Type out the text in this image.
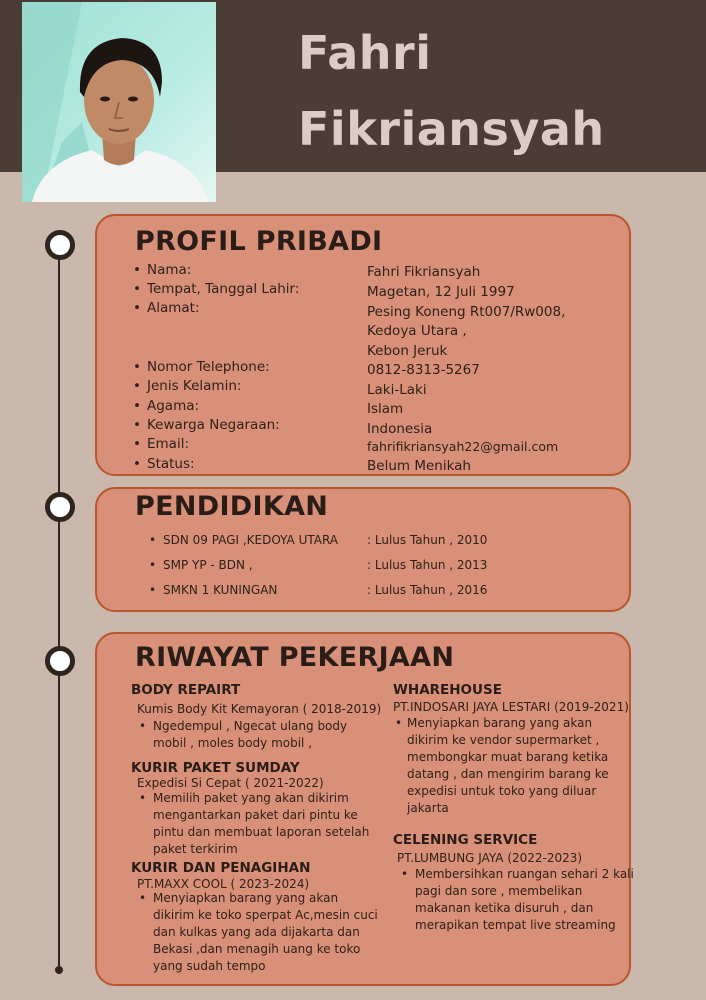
Fahri
Fikriansyah
PROFIL PRIBADI
• Nama:	Fahri Fikriansyah
• Tempat, Tanggal Lahir:	Magetan, 12 Juli 1997
• Alamat:	Pesing Koneng Rt007/Rw008,
Kedoya Utara ,
Kebon Jeruk
• Nomor Telephone:	0812-8313-5267
• Jenis Kelamin:	Laki-Laki
• Agama:	Islam
• Kewarga Negaraan:	Indonesia
• Email:	fahrifikriansyah22@gmail.com
• Status:	Belum Menikah
PENDIDIKAN
• SDN 09 PAGI ,KEDOYA UTARA : Lulus Tahun , 2010
• SMP YP - BDN ,	: Lulus Tahun , 2013
• SMKN 1 KUNINGAN	: Lulus Tahun , 2016
RIWAYAT PEKERJAAN
BODY REPAIRT
Kumis Body Kit Kemayoran ( 2018-2019)
• Ngedempul , Ngecat ulang body
mobil , moles body mobil ,
KURIR PAKET SUMDAY
Expedisi Si Cepat ( 2021-2022)
• Memilih paket yang akan dikirim
mengantarkan paket dari pintu ke
pintu dan membuat laporan setelah
paket terkirim
KURIR DAN PENAGIHAN
PT.MAXX COOL ( 2023-2024)
• Menyiapkan barang yang akan
dikirim ke toko sperpat Ac,mesin cuci
dan kulkas yang ada dijakarta dan
Bekasi ,dan menagih uang ke toko
yang sudah tempo
WHAREHOUSE
PT.INDOSARI JAYA LESTARI (2019-2021)
• Menyiapkan barang yang akan
dikirim ke vendor supermarket ,
membongkar muat barang ketika
datang , dan mengirim barang ke
expedisi untuk toko yang diluar
jakarta
CELENING SERVICE
PT.LUMBUNG JAYA (2022-2023)
• Membersihkan ruangan sehari 2 kali
pagi dan sore , membelikan
makanan ketika disuruh , dan
merapikan tempat live streaming
